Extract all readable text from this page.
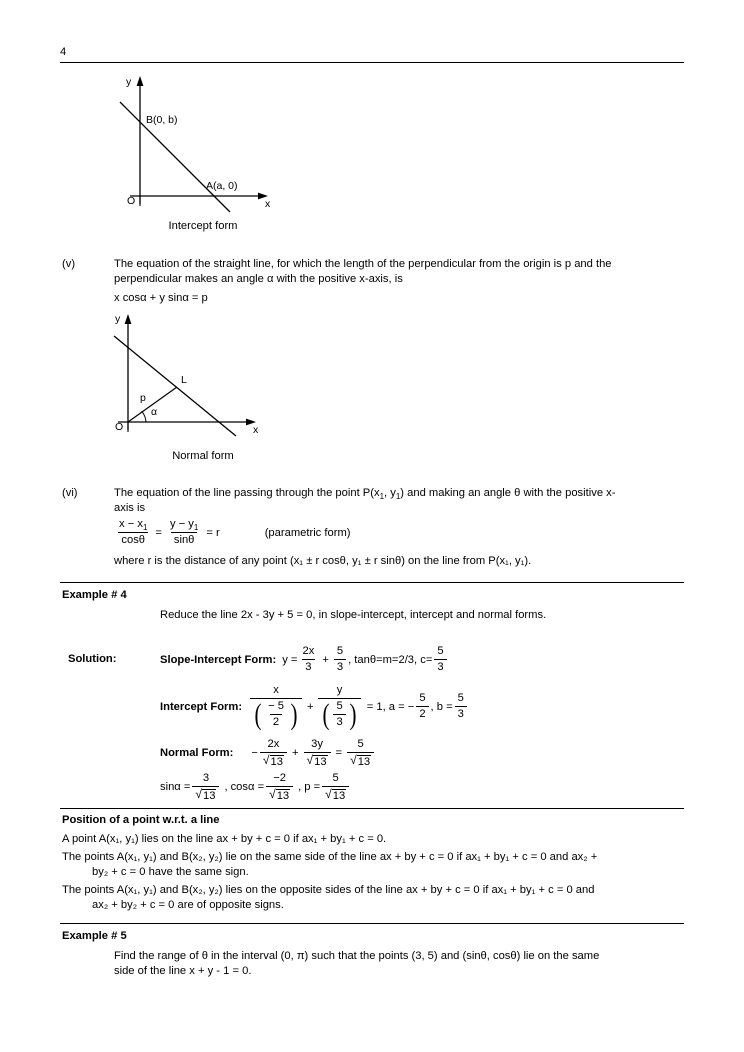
4
y
x
O
B(0, b)
A(a, 0)
Intercept form
(v)	The equation of the straight line, for which the length of the perpendicular from the origin is p and the
perpendicular makes an angle α with the positive x-axis, is
x cosα + y sinα = p
y
x
O
L
p
α
Normal form
(vi)	The equation of the line passing through the point $P(x_1$, $y_1$) and making an angle θ with the positive x-
axis is
$\frac{x - x_1}{\cos\theta} = \frac{y - y_1}{\sin\theta} = r$	(parametric form)
where r is the distance of any point (x₁ ± r cosθ, y₁ ± r sinθ) on the line from P(x₁, y₁).
Example # 4
Reduce the line 2x - 3y + 5 = 0, in slope-intercept, intercept and normal forms.
Solution:	Slope-Intercept Form: $y = \frac{2x}{3} + \frac{5}{3}$ , tanθ=m=2/3, $c= \frac{5}{3}$
Intercept Form:
x
( $\frac{- 5}{2}$ ) +
y
( $\frac{5}{3}$ ) = 1, a = − $\frac{5}{2}$ , $b = \frac{5}{3}$
Normal Form:	− $\frac{2x}{√ 13} + \frac{3y}{√ 13} = \frac{5}{√ 13}$
$\sin\alpha = \frac{3}{√ 13}$ , $\cos\alpha = \frac{-2}{√ 13}$ , $p = \frac{5}{√ 13}$
Position of a point w.r.t. a line
A point A(x₁, y₁) lies on the line ax + by + c = 0 if ax₁ + by₁ + c = 0.
The points A(x₁, y₁) and B(x₂, y₂) lie on the same side of the line ax + by + c = 0 if ax₁ + by₁ + c = 0 and ax₂ +
by₂ + c = 0 have the same sign.
The points A(x₁, y₁) and B(x₂, y₂) lies on the opposite sides of the line ax + by + c = 0 if ax₁ + by₁ + c = 0 and
ax₂ + by₂ + c = 0 are of opposite signs.
Example # 5
Find the range of θ in the interval (0, π) such that the points (3, 5) and (sinθ, cosθ) lie on the same
side of the line x + y - 1 = 0.
